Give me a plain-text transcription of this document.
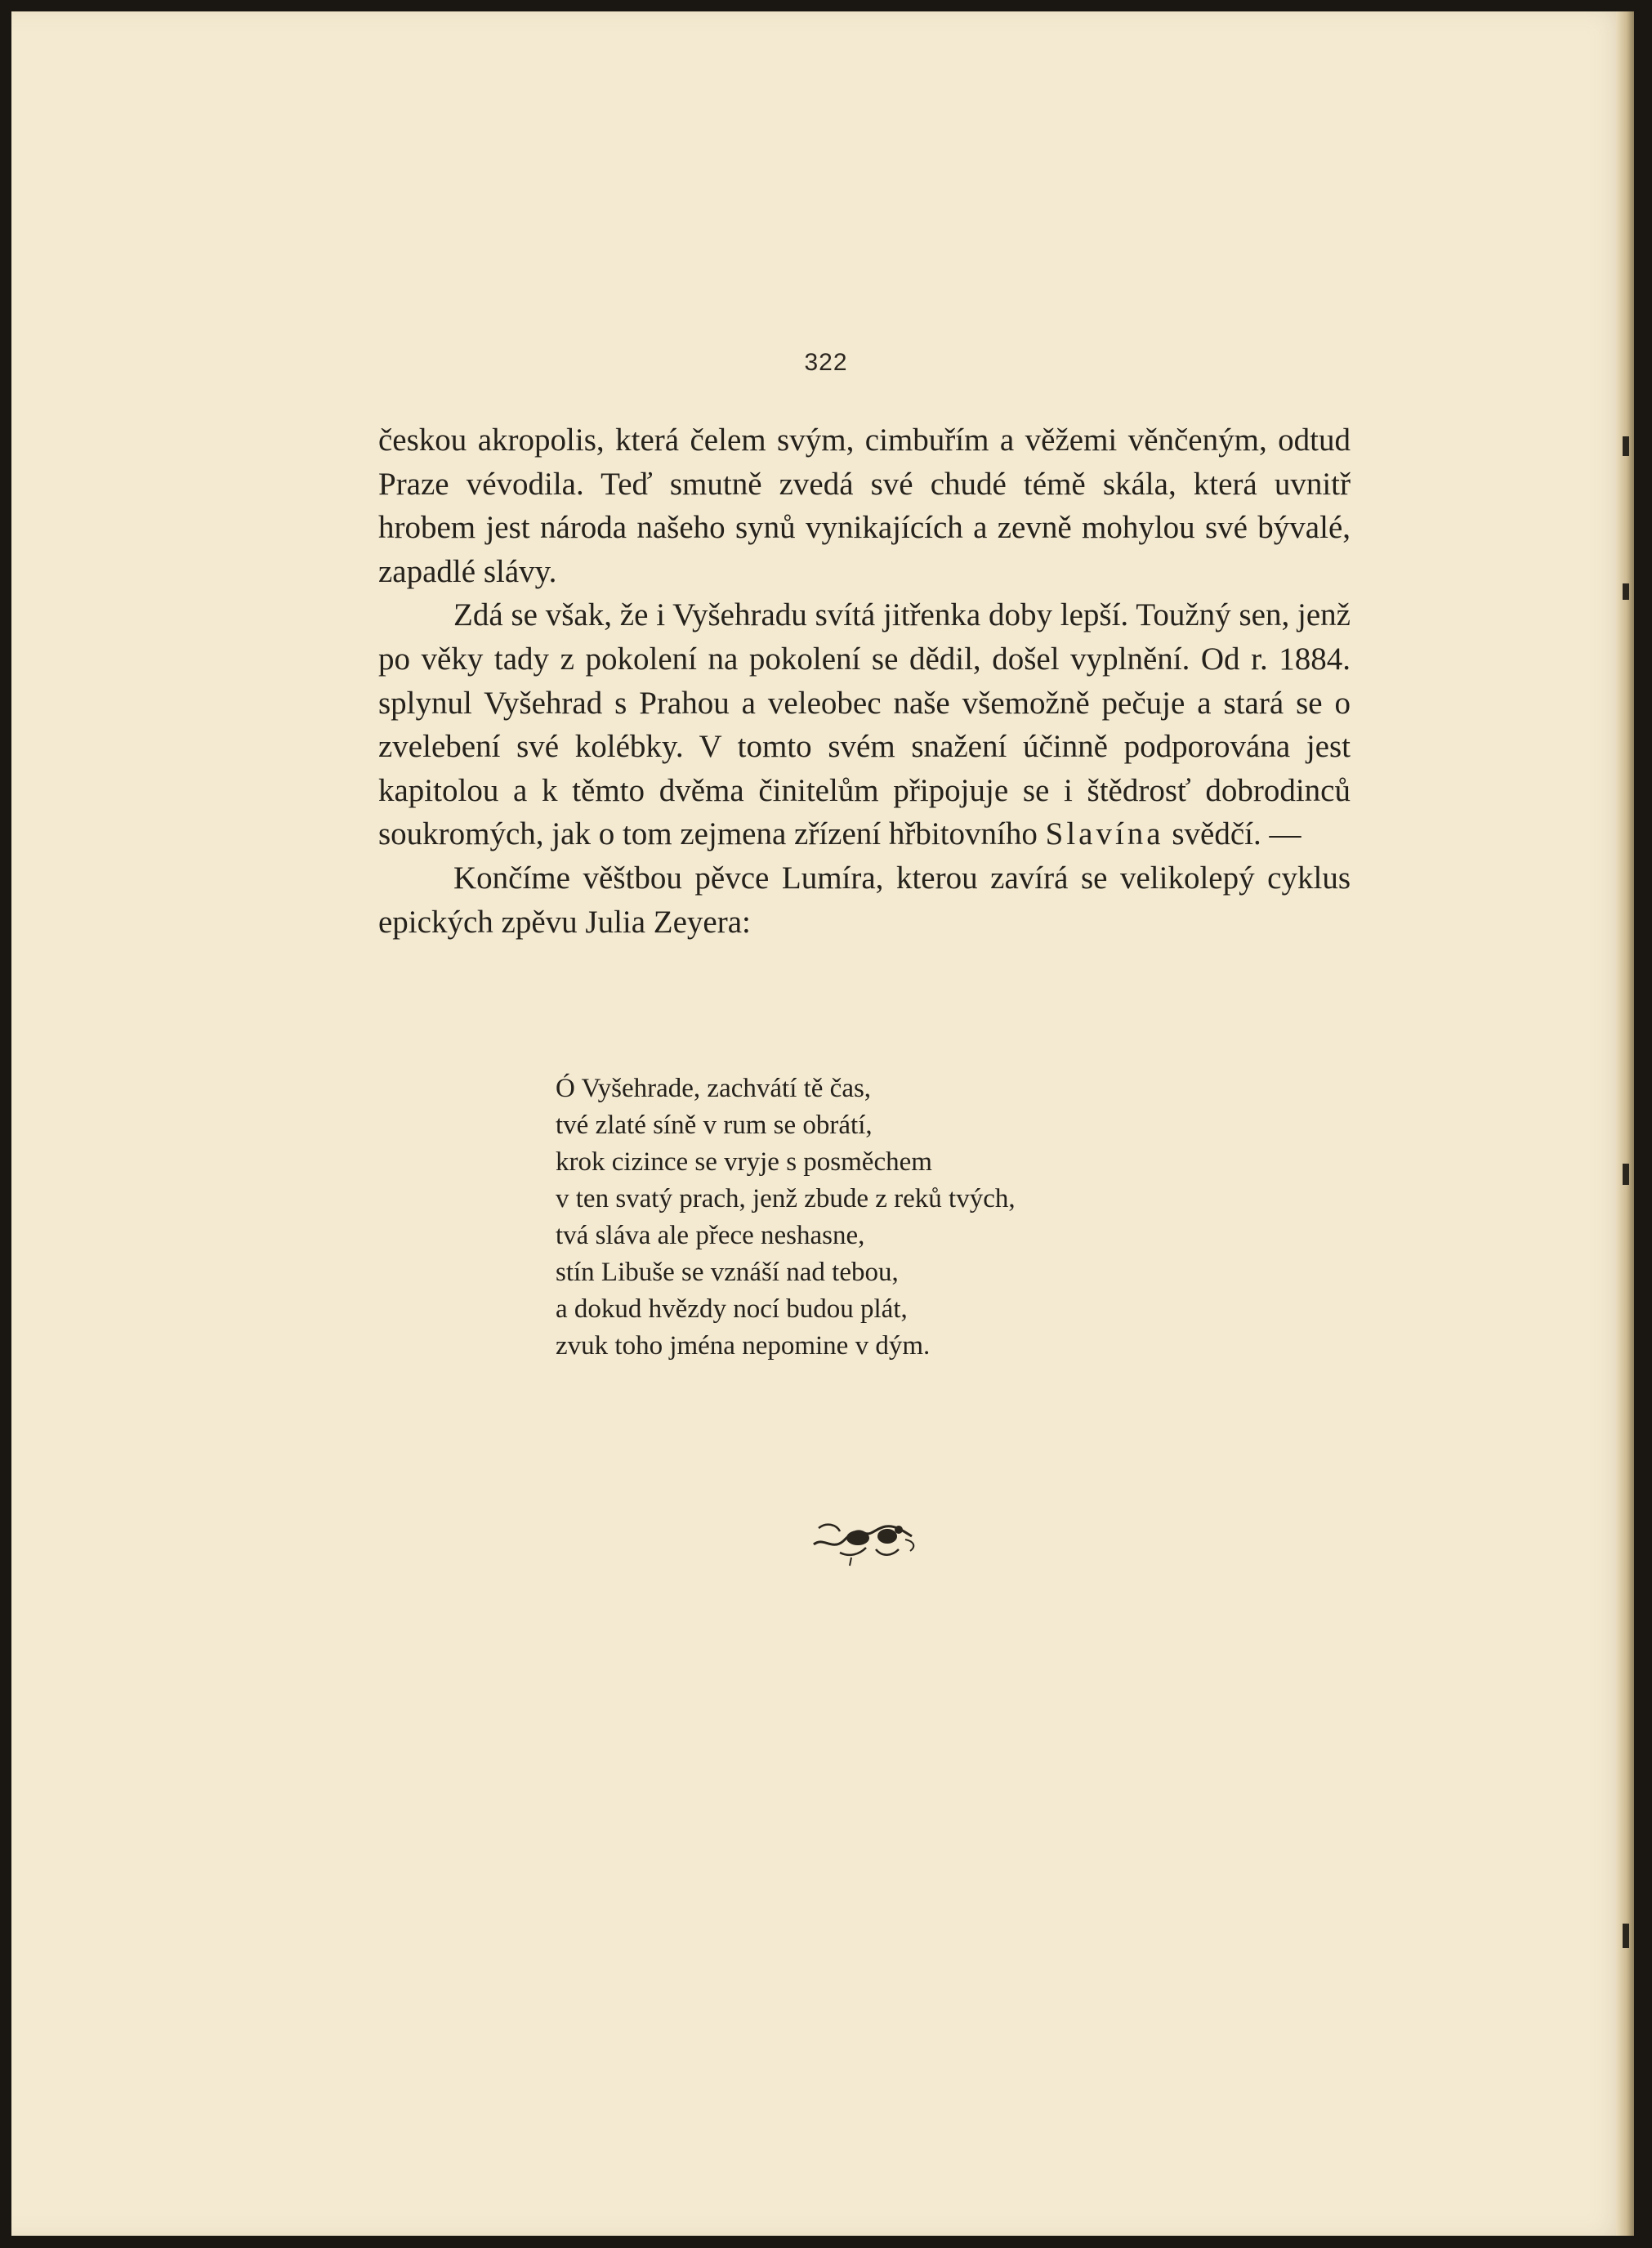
322

českou akropolis, která čelem svým, cimbuřím a věžemi věnčeným, odtud Praze vévodila. Teď smutně zvedá své chudé témě skála, která uvnitř hrobem jest národa našeho synů vynikajících a zevně mohylou své bývalé, zapadlé slávy.

Zdá se však, že i Vyšehradu svítá jitřenka doby lepší. Toužný sen, jenž po věky tady z pokolení na pokolení se dědil, došel vyplnění. Od r. 1884. splynul Vyšehrad s Prahou a veleobec naše všemožně pečuje a stará se o zvelebení své kolébky. V tomto svém snažení účinně podporována jest kapitolou a k těmto dvěma činitelům připojuje se i štědrosť dobrodinců soukromých, jak o tom zejmena zřízení hřbitovního Slavína svědčí. —

Končíme věštbou pěvce Lumíra, kterou zavírá se velikolepý cyklus epických zpěvu Julia Zeyera:

Ó Vyšehrade, zachvátí tě čas,
tvé zlaté síně v rum se obrátí,
krok cizince se vryje s posměchem
v ten svatý prach, jenž zbude z reků tvých,
tvá sláva ale přece neshasne,
stín Libuše se vznáší nad tebou,
a dokud hvězdy nocí budou plát,
zvuk toho jména nepomine v dým.
